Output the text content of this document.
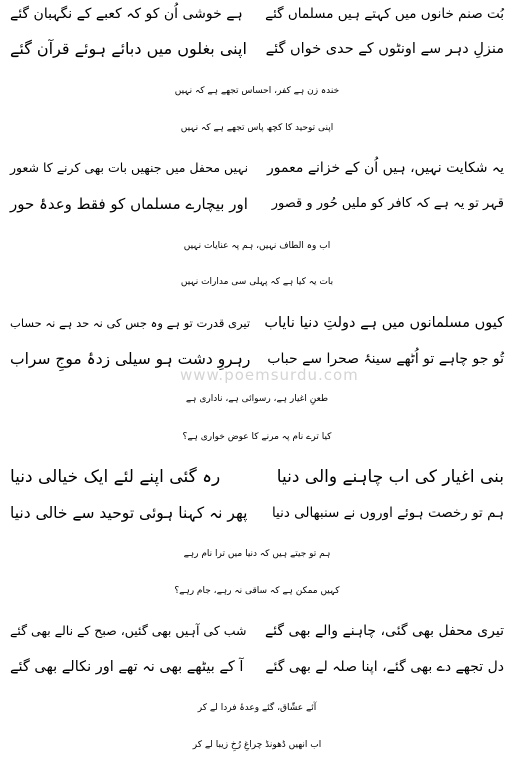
www.poemsurdu.com
بُت صنم خانوں میں کہتے ہیں مسلماں گئے
ہے خوشی اُن کو کہ کعبے کے نگہبان گئے
منزلِ دہر سے اونٹوں کے حدی خواں گئے
اپنی بغلوں میں دبائے ہوئے قرآن گئے
خندہ زن ہے کفر، احساس تجھے ہے کہ نہیں
اپنی توحید کا کچھ پاس تجھے ہے کہ نہیں
یہ شکایت نہیں، ہیں اُن کے خزانے معمور
نہیں محفل میں جنھیں بات بھی کرنے کا شعور
قہر تو یہ ہے کہ کافر کو ملیں حُور و قصور
اور بیچارے مسلماں کو فقط وعدۂ حور
اب وہ الطاف نہیں، ہم پہ عنایات نہیں
بات یہ کیا ہے کہ پہلی سی مدارات نہیں
کیوں مسلمانوں میں ہے دولتِ دنیا نایاب
تیری قدرت تو ہے وہ جس کی نہ حد ہے نہ حساب
تُو جو چاہے تو اُٹھے سینۂ صحرا سے حباب
رہروِ دشت ہو سیلی زدۂ موجِ سراب
طعنِ اغیار ہے، رسوائی ہے، ناداری ہے
کیا ترے نام پہ مرنے کا عوض خواری ہے؟
بنی اغیار کی اب چاہنے والی دنیا
رہ گئی اپنے لئے ایک خیالی دنیا
ہم تو رخصت ہوئے اوروں نے سنبھالی دنیا
پھر نہ کہنا ہوئی توحید سے خالی دنیا
ہم تو جیتے ہیں کہ دنیا میں ترا نام رہے
کہیں ممکن ہے کہ ساقی نہ رہے، جام رہے؟
تیری محفل بھی گئی، چاہنے والے بھی گئے
شب کی آہیں بھی گئیں، صبح کے نالے بھی گئے
دل تجھے دے بھی گئے، اپنا صلہ لے بھی گئے
آ کے بیٹھے بھی نہ تھے اور نکالے بھی گئے
آئے عشّاق، گئے وعدۂ فردا لے کر
اب انھیں ڈھونڈ چراغِ رُخِ زیبا لے کر
